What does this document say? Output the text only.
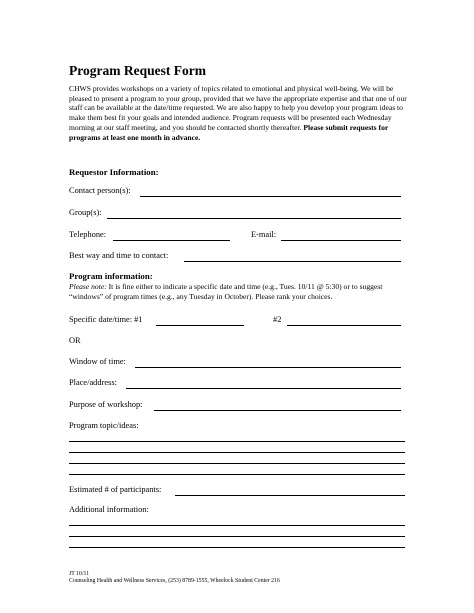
Program Request Form
CHWS provides workshops on a variety of topics related to emotional and physical well-being. We will be pleased to present a program to your group, provided that we have the appropriate expertise and that one of our staff can be available at the date/time requested. We are also happy to help you develop your program ideas to make them best fit your goals and intended audience. Program requests will be presented each Wednesday morning at our staff meeting, and you should be contacted shortly thereafter. Please submit requests for programs at least one month in advance.
Requestor Information:
Contact person(s):
Group(s):
Telephone:	E-mail:
Best way and time to contact:
Program information:
Please note: It is fine either to indicate a specific date and time (e.g., Tues. 10/11 @ 5:30) or to suggest “windows” of program times (e.g., any Tuesday in October). Please rank your choices.
Specific date/time: #1	#2
OR
Window of time:
Place/address:
Purpose of workshop:
Program topic/ideas:
Estimated # of participants:
Additional information:
JT 10/11
Counseling Health and Wellness Services, (253) 8789-1555, Wheelock Student Center 216
